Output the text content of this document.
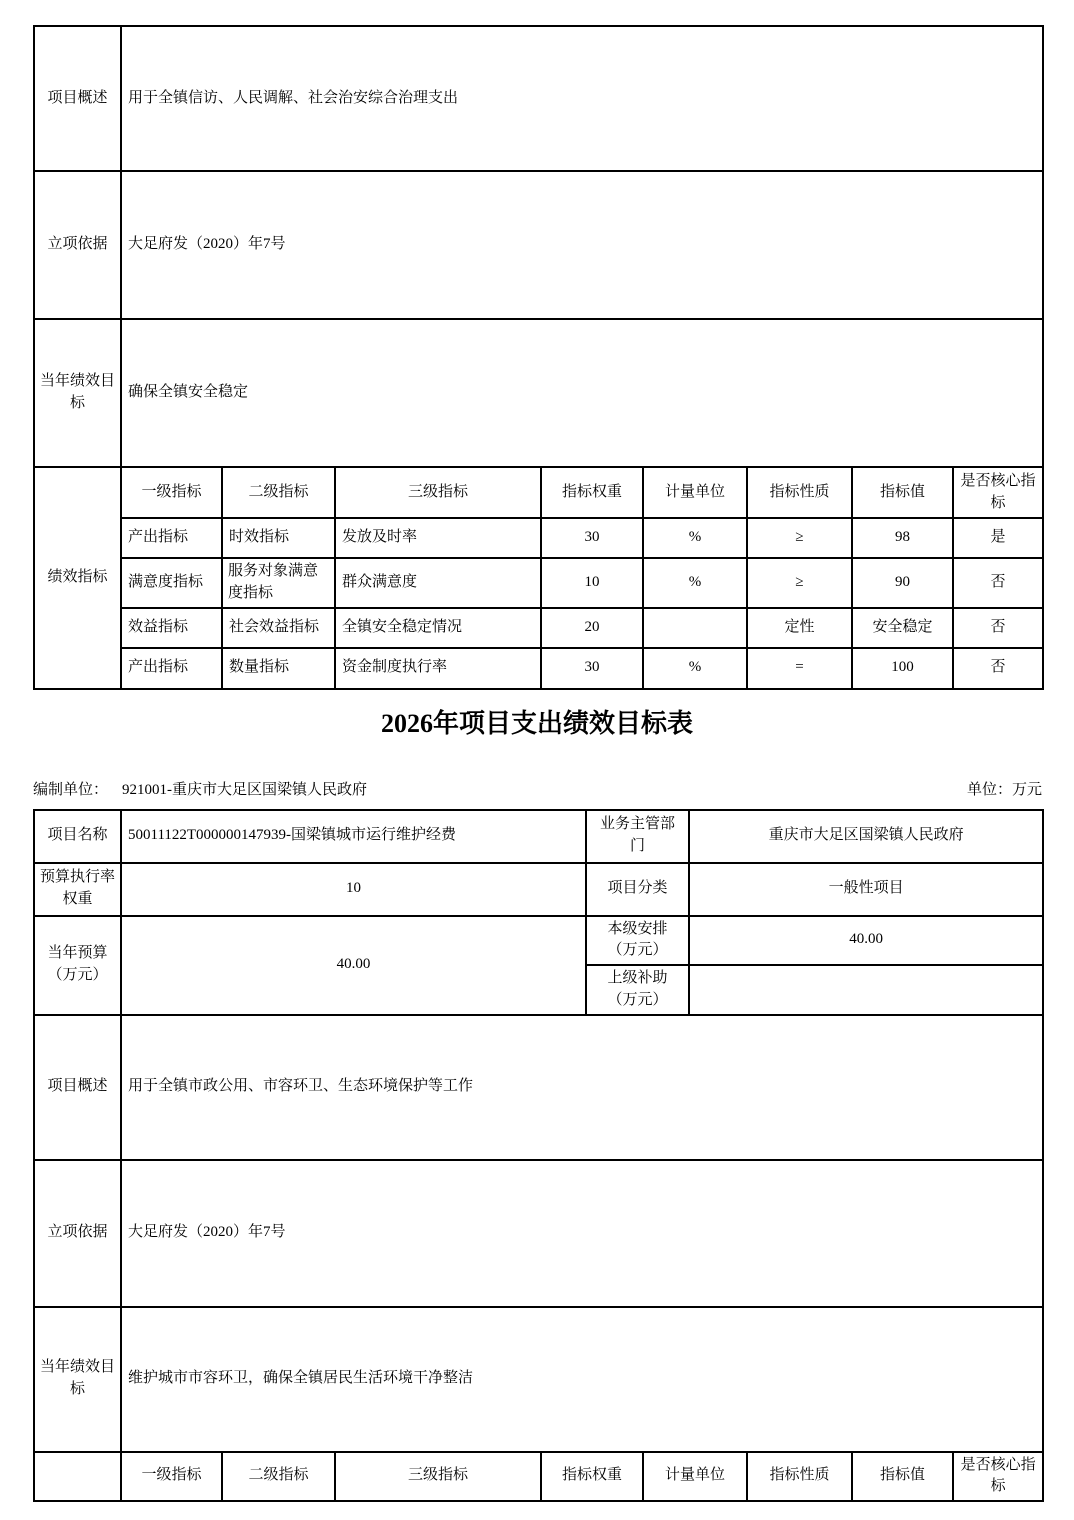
项目概述	用于全镇信访、人民调解、社会治安综合治理支出							
立项依据	大足府发（2020）年7号							
当年绩效目标	确保全镇安全稳定							
绩效指标	一级指标	二级指标	三级指标	指标权重	计量单位	指标性质	指标值	是否核心指标
	产出指标	时效指标	发放及时率	30	%	≥	98	是
	满意度指标	服务对象满意度指标	群众满意度	10	%	≥	90	否
	效益指标	社会效益指标	全镇安全稳定情况	20		定性	安全稳定	否
	产出指标	数量指标	资金制度执行率	30	%	=	100	否
2026年项目支出绩效目标表
编制单位： 921001-重庆市大足区国梁镇人民政府	单位：万元
项目名称	50011122T000000147939-国梁镇城市运行维护经费				业务主管部门		重庆市大足区国梁镇人民政府			
预算执行率权重	10				项目分类		一般性项目			
当年预算（万元）	40.00				本级安排（万元）		40.00			
					上级补助（万元）					
项目概述	用于全镇市政公用、市容环卫、生态环境保护等工作									
立项依据	大足府发（2020）年7号									
当年绩效目标	维护城市市容环卫，确保全镇居民生活环境干净整洁									
	一级指标	二级指标	三级指标	指标权重		计量单位		指标性质	指标值	是否核心指标
